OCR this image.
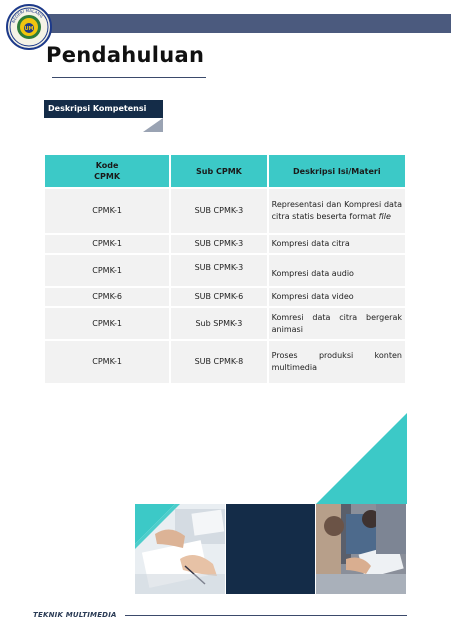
UM
NEGERI MALANG
Pendahuluan
Deskripsi Kompetensi
Kode
CPMK	Sub CPMK	Deskripsi Isi/Materi
CPMK-1	SUB CPMK-3	Representasi dan Kompresi data citra statis beserta format file
CPMK-1	SUB CPMK-3	Kompresi data citra
CPMK-1	SUB CPMK-3	Kompresi data audio

CPMK-6	SUB CPMK-6	Kompresi data video
CPMK-1	Sub SPMK-3	Komresi data citra bergerak animasi
CPMK-1	SUB CPMK-8	Proses produksi konten multimedia
TEKNIK MULTIMEDIA
